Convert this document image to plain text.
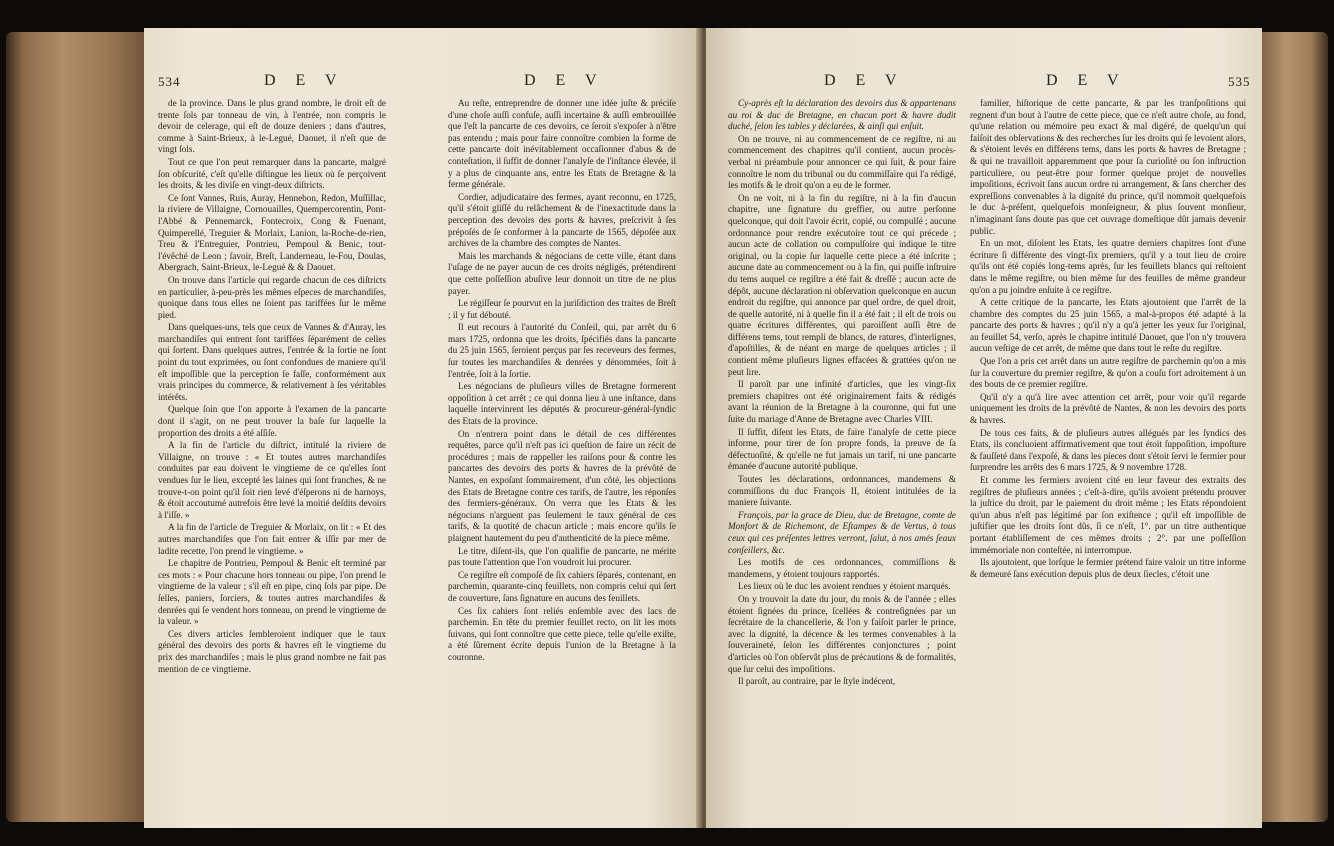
534	D E V	D E V

de la province. Dans le plus grand nombre, le droit eſt de trente ſols par tonneau de vin, à l'entrée, non compris le devoir de celerage, qui eſt de douze deniers ; dans d'autres, comme à Saint-Brieux, à le-Legué, Daouet, il n'eſt que de vingt ſols.

Tout ce que l'on peut remarquer dans la pancarte, malgré ſon obſcurité, c'eſt qu'elle diſtingue les lieux où ſe perçoivent les droits, & les diviſe en vingt-deux diſtricts.

Ce ſont Vannes, Ruis, Auray, Hennebon, Redon, Muſſillac, la riviere de Villaigne, Cornouailles, Quempercorentin, Pont-l'Abbé & Pennemarck, Fontecroix, Cong & Fuenant, Quimperellé, Treguier & Morlaix, Lanion, la-Roche-de-rien, Treu & l'Entreguier, Pontrieu, Pempoul & Benic, tout-l'évêché de Leon ; ſavoir, Breſt, Landerneau, le-Fou, Doulas, Abergrach, Saint-Brieux, le-Legué & & Daouet.

On trouve dans l'article qui regarde chacun de ces diſtricts en particulier, à-peu-près les mêmes eſpeces de marchandiſes, quoique dans tous elles ne ſoient pas tariffées ſur le même pied.

Dans quelques-uns, tels que ceux de Vannes & d'Auray, les marchandiſes qui entrent ſont tariffées ſéparément de celles qui ſortent. Dans quelques autres, l'entrée & la ſortie ne ſont point du tout exprimées, ou ſont confondues de maniere qu'il eſt impoſſible que la perception ſe faſſe, conformément aux vrais principes du commerce, & relativement à ſes véritables intérêts.

Quelque ſoin que l'on apporte à l'examen de la pancarte dont il s'agit, on ne peut trouver la baſe ſur laquelle la proportion des droits a été aſſiſe.

A la fin de l'article du diſtrict, intitulé la riviere de Villaigne, on trouve : « Et toutes autres marchandiſes conduites par eau doivent le vingtieme de ce qu'elles ſont vendues ſur le lieu, excepté les laines qui ſont franches, & ne trouve-t-on point qu'il ſoit rien levé d'éſperons ni de harnoys, & étoit accoutumé autrefois être levé la moitié deſdits devoirs à l'iſſe. »

A la fin de l'article de Treguier & Morlaix, on lit : « Et des autres marchandiſes que l'on fait entrer & iſſir par mer de ladite recette, l'on prend le vingtieme. »

Le chapitre de Pontrieu, Pempoul & Benic eſt terminé par ces mots : « Pour chacune hors tonneau ou pipe, l'on prend le vingtieme de la valeur ; s'il eſt en pipe, cinq ſols par pipe. De ſelles, paniers, ſorciers, & toutes autres marchandiſes & denrées qui ſe vendent hors tonneau, on prend le vingtieme de la valeur. »

Ces divers articles ſembleroient indiquer que le taux général des devoirs des ports & havres eſt le vingtieme du prix des marchandiſes ; mais le plus grand nombre ne fait pas mention de ce vingtieme.

Au reſte, entreprendre de donner une idée juſte & préciſe d'une choſe auſſi confuſe, auſſi incertaine & auſſi embrouillée que l'eſt la pancarte de ces devoirs, ce ſeroit s'expoſer à n'être pas entendu ; mais pour faire connoître combien la forme de cette pancarte doit inévitablement occaſionner d'abus & de conteſtation, il ſuffit de donner l'analyſe de l'inſtance élevée, il y a plus de cinquante ans, entre les Etats de Bretagne & la ferme générale.

Cordier, adjudicataire des fermes, ayant reconnu, en 1725, qu'il s'étoit gliſſé du relâchement & de l'inexactitude dans la perception des devoirs des ports & havres, preſcrivit à ſes prépoſés de ſe conformer à la pancarte de 1565, dépoſée aux archives de la chambre des comptes de Nantes.

Mais les marchands & négocians de cette ville, étant dans l'uſage de ne payer aucun de ces droits négligés, prétendirent que cette poſſeſſion abuſive leur donnoit un titre de ne plus payer.

Le régiſſeur ſe pourvut en la juriſdiction des traites de Breſt ; il y fut débouté.

Il eut recours à l'autorité du Conſeil, qui, par arrêt du 6 mars 1725, ordonna que les droits, ſpécifiés dans la pancarte du 25 juin 1565, ſeroient perçus par ſes receveurs des fermes, ſur toutes les marchandiſes & denrées y dénommées, ſoit à l'entrée, ſoit à la ſortie.

Les négocians de pluſieurs villes de Bretagne formerent oppoſition à cet arrêt ; ce qui donna lieu à une inſtance, dans laquelle intervinrent les députés & procureur-général-ſyndic des Etats de la province.

On n'entrera point dans le détail de ces différentes requêtes, parce qu'il n'eſt pas ici queſtion de faire un récit de procédures ; mais de rappeller les raiſons pour & contre les pancartes des devoirs des ports & havres de la prévôté de Nantes, en expoſant ſommairement, d'un côté, les objections des Etats de Bretagne contre ces tarifs, de l'autre, les réponſes des fermiers-généraux. On verra que les Etats & les négocians n'arguent pas ſeulement le taux général de ces tarifs, & la quotité de chacun article ; mais encore qu'ils ſe plaignent hautement du peu d'authenticité de la piece même.

Le titre, diſent-ils, que l'on qualifie de pancarte, ne mérite pas toute l'attention que l'on voudroit lui procurer.

Ce regiſtre eſt compoſé de ſix cahiers ſéparés, contenant, en parchemin, quarante-cinq feuillets, non compris celui qui ſert de couverture, ſans ſignature en aucuns des feuillets.

Ces ſix cahiers ſont reliés enſemble avec des lacs de parchemin. En tête du premier feuillet recto, on lit les mots ſuivans, qui ſont connoître que cette piece, telle qu'elle exiſte, a été ſûrement écrite depuis l'union de la Bretagne à la couronne.

D E V	D E V	535

Cy-après eſt la déclaration des devoirs dus & appartenans au roi & duc de Bretagne, en chacun port & havre dudit duché, ſelon les tables y déclarées, & ainſi qui enſuit.

On ne trouve, ni au commencement de ce regiſtre, ni au commencement des chapitres qu'il contient, aucun procès-verbal ni préambule pour annoncer ce qui ſuit, & pour faire connoître le nom du tribunal ou du commiſſaire qui l'a rédigé, les motifs & le droit qu'on a eu de le former.

On ne voit, ni à la fin du regiſtre, ni à la fin d'aucun chapitre, une ſignature du greffier, ou autre perſonne quelconque, qui doit l'avoir écrit, copié, ou compulſé ; aucune ordonnance pour rendre exécutoire tout ce qui précede ; aucun acte de collation ou compulſoire qui indique le titre original, ou la copie ſur laquelle cette piece a été inſcrite ; aucune date au commencement ou à la fin, qui puiſſe inſtruire du tems auquel ce regiſtre a été fait & dreſſé ; aucun acte de dépôt, aucune déclaration ni obſervation quelconque en aucun endroit du regiſtre, qui annonce par quel ordre, de quel droit, de quelle autorité, ni à quelle fin il a été fait ; il eſt de trois ou quatre écritures différentes, qui paroiſſent auſſi être de différens tems, tout rempli de blancs, de ratures, d'interlignes, d'apoſtilles, & de néant en marge de quelques articles ; il contient même pluſieurs lignes effacées & grattées qu'on ne peut lire.

Il paroît par une infinité d'articles, que les vingt-ſix premiers chapitres ont été originairement faits & rédigés avant la réunion de la Bretagne à la couronne, qui fut une ſuite du mariage d'Anne de Bretagne avec Charles VIII.

Il ſuffit, diſent les Etats, de faire l'analyſe de cette piece informe, pour tirer de ſon propre fonds, la preuve de ſa défectuoſité, & qu'elle ne fut jamais un tarif, ni une pancarte émanée d'aucune autorité publique.

Toutes les déclarations, ordonnances, mandemens & commiſſions du duc François II, étoient intitulées de la maniere ſuivante.

François, par la grace de Dieu, duc de Bretagne, comte de Monfort & de Richemont, de Eſtampes & de Vertus, à tous ceux qui ces préſentes lettres verront, ſalut, à nos amés ſeaux conſeillers, &c.

Les motifs de ces ordonnances, commiſſions & mandemens, y étoient toujours rapportés.

Les lieux où le duc les avoient rendues y étoient marqués.

On y trouvoit la date du jour, du mois & de l'année ; elles étoient ſignées du prince, ſcellées & contreſignées par un ſecrétaire de la chancellerie, & l'on y faiſoit parler le prince, avec la dignité, la décence & les termes convenables à la ſouveraineté, ſelon les différentes conjonctures ; point d'articles où l'on obſervât plus de précautions & de formalités, que ſur celui des impoſitions.

Il paroît, au contraire, par le ſtyle indécent,

familier, hiſtorique de cette pancarte, & par les tranſpoſitions qui regnent d'un bout à l'autre de cette piece, que ce n'eſt autre choſe, au fond, qu'une relation ou mémoire peu exact & mal digéré, de quelqu'un qui faiſoit des obſervations & des recherches ſur les droits qui ſe levoient alors, & s'étoient levés en différens tems, dans les ports & havres de Bretagne ; & qui ne travailloit apparemment que pour ſa curioſité ou ſon inſtruction particuliere, ou peut-être pour former quelque projet de nouvelles impoſitions, écrivoit ſans aucun ordre ni arrangement, & ſans chercher des expreſſions convenables à la dignité du prince, qu'il nommoit quelquefois le duc à-préſent, quelquefois monſeigneur, & plus ſouvent monſieur, n'imaginant ſans doute pas que cet ouvrage domeſtique dût jamais devenir public.

En un mot, diſoient les Etats, les quatre derniers chapitres ſont d'une écriture ſi différente des vingt-ſix premiers, qu'il y a tout lieu de croire qu'ils ont été copiés long-tems après, ſur les feuillets blancs qui reſtoient dans le même regiſtre, ou bien même ſur des feuilles de même grandeur qu'on a pu joindre enſuite à ce regiſtre.

A cette critique de la pancarte, les Etats ajoutoient que l'arrêt de la chambre des comptes du 25 juin 1565, a mal-à-propos été adapté à la pancarte des ports & havres ; qu'il n'y a qu'à jetter les yeux ſur l'original, au feuillet 54, verſo, après le chapitre intitulé Daouet, que l'on n'y trouvera aucun veſtige de cet arrêt, de même que dans tout le reſte du regiſtre.

Que l'on a pris cet arrêt dans un autre regiſtre de parchemin qu'on a mis ſur la couverture du premier regiſtre, & qu'on a couſu fort adroitement à un des bouts de ce premier regiſtre.

Qu'il n'y a qu'à lire avec attention cet arrêt, pour voir qu'il regarde uniquement les droits de la prévôté de Nantes, & non les devoirs des ports & havres.

De tous ces faits, & de pluſieurs autres allégués par les ſyndics des Etats, ils concluoient affirmativement que tout étoit ſuppoſition, impoſture & fauſſeté dans l'expoſé, & dans les pieces dont s'étoit ſervi le fermier pour ſurprendre les arrêts des 6 mars 1725, & 9 novembre 1728.

Et comme les fermiers avoient cité en leur faveur des extraits des regiſtres de pluſieurs années ; c'eſt-à-dire, qu'ils avoient prétendu prouver la juſtice du droit, par le paiement du droit même ; les Etats répondoient qu'un abus n'eſt pas légitimé par ſon exiſtence ; qu'il eſt impoſſible de juſtifier que les droits ſont dûs, ſi ce n'eſt, 1°. par un titre authentique portant établiſſement de ces mêmes droits ; 2°. par une poſſeſſion immémoriale non conteſtée, ni interrompue.

Ils ajoutoient, que lorſque le fermier prétend faire valoir un titre informe & demeuré ſans exécution depuis plus de deux ſiecles, c'étoit une
